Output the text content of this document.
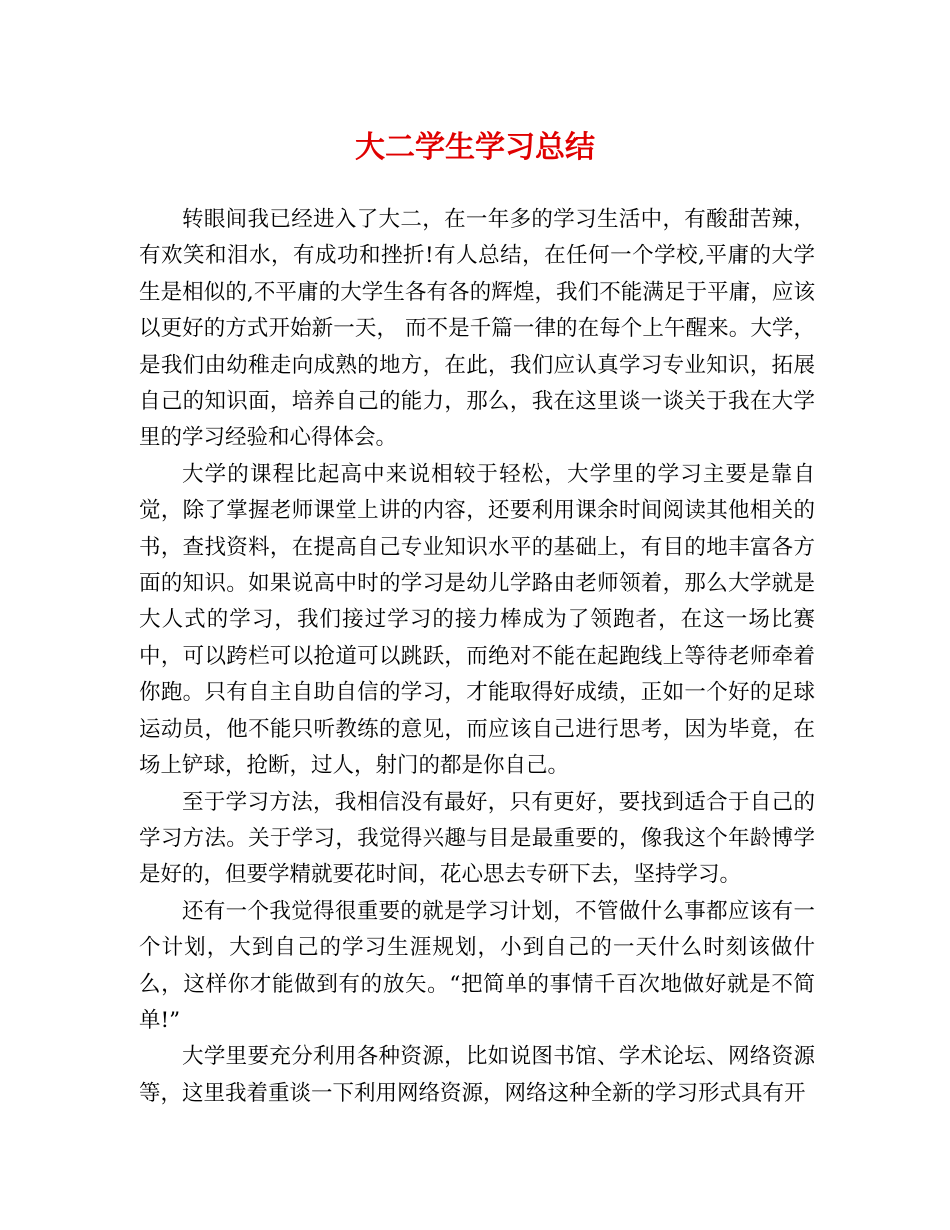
大二学生学习总结

转眼间我已经进入了大二，在一年多的学习生活中，有酸甜苦辣，有欢笑和泪水，有成功和挫折!有人总结，在任何一个学校,平庸的大学生是相似的,不平庸的大学生各有各的辉煌，我们不能满足于平庸，应该以更好的方式开始新一天， 而不是千篇一律的在每个上午醒来。大学，是我们由幼稚走向成熟的地方，在此，我们应认真学习专业知识，拓展自己的知识面，培养自己的能力，那么，我在这里谈一谈关于我在大学里的学习经验和心得体会。

大学的课程比起高中来说相较于轻松，大学里的学习主要是靠自觉，除了掌握老师课堂上讲的内容，还要利用课余时间阅读其他相关的书，查找资料，在提高自己专业知识水平的基础上，有目的地丰富各方面的知识。如果说高中时的学习是幼儿学路由老师领着，那么大学就是大人式的学习，我们接过学习的接力棒成为了领跑者，在这一场比赛中，可以跨栏可以抢道可以跳跃，而绝对不能在起跑线上等待老师牵着你跑。只有自主自助自信的学习，才能取得好成绩，正如一个好的足球运动员，他不能只听教练的意见，而应该自己进行思考，因为毕竟，在场上铲球，抢断，过人，射门的都是你自己。

至于学习方法，我相信没有最好，只有更好，要找到适合于自己的学习方法。关于学习，我觉得兴趣与目是最重要的，像我这个年龄博学是好的，但要学精就要花时间，花心思去专研下去，坚持学习。

还有一个我觉得很重要的就是学习计划，不管做什么事都应该有一个计划，大到自己的学习生涯规划，小到自己的一天什么时刻该做什么，这样你才能做到有的放矢。“把简单的事情千百次地做好就是不简单!”

大学里要充分利用各种资源，比如说图书馆、学术论坛、网络资源等，这里我着重谈一下利用网络资源，网络这种全新的学习形式具有开
